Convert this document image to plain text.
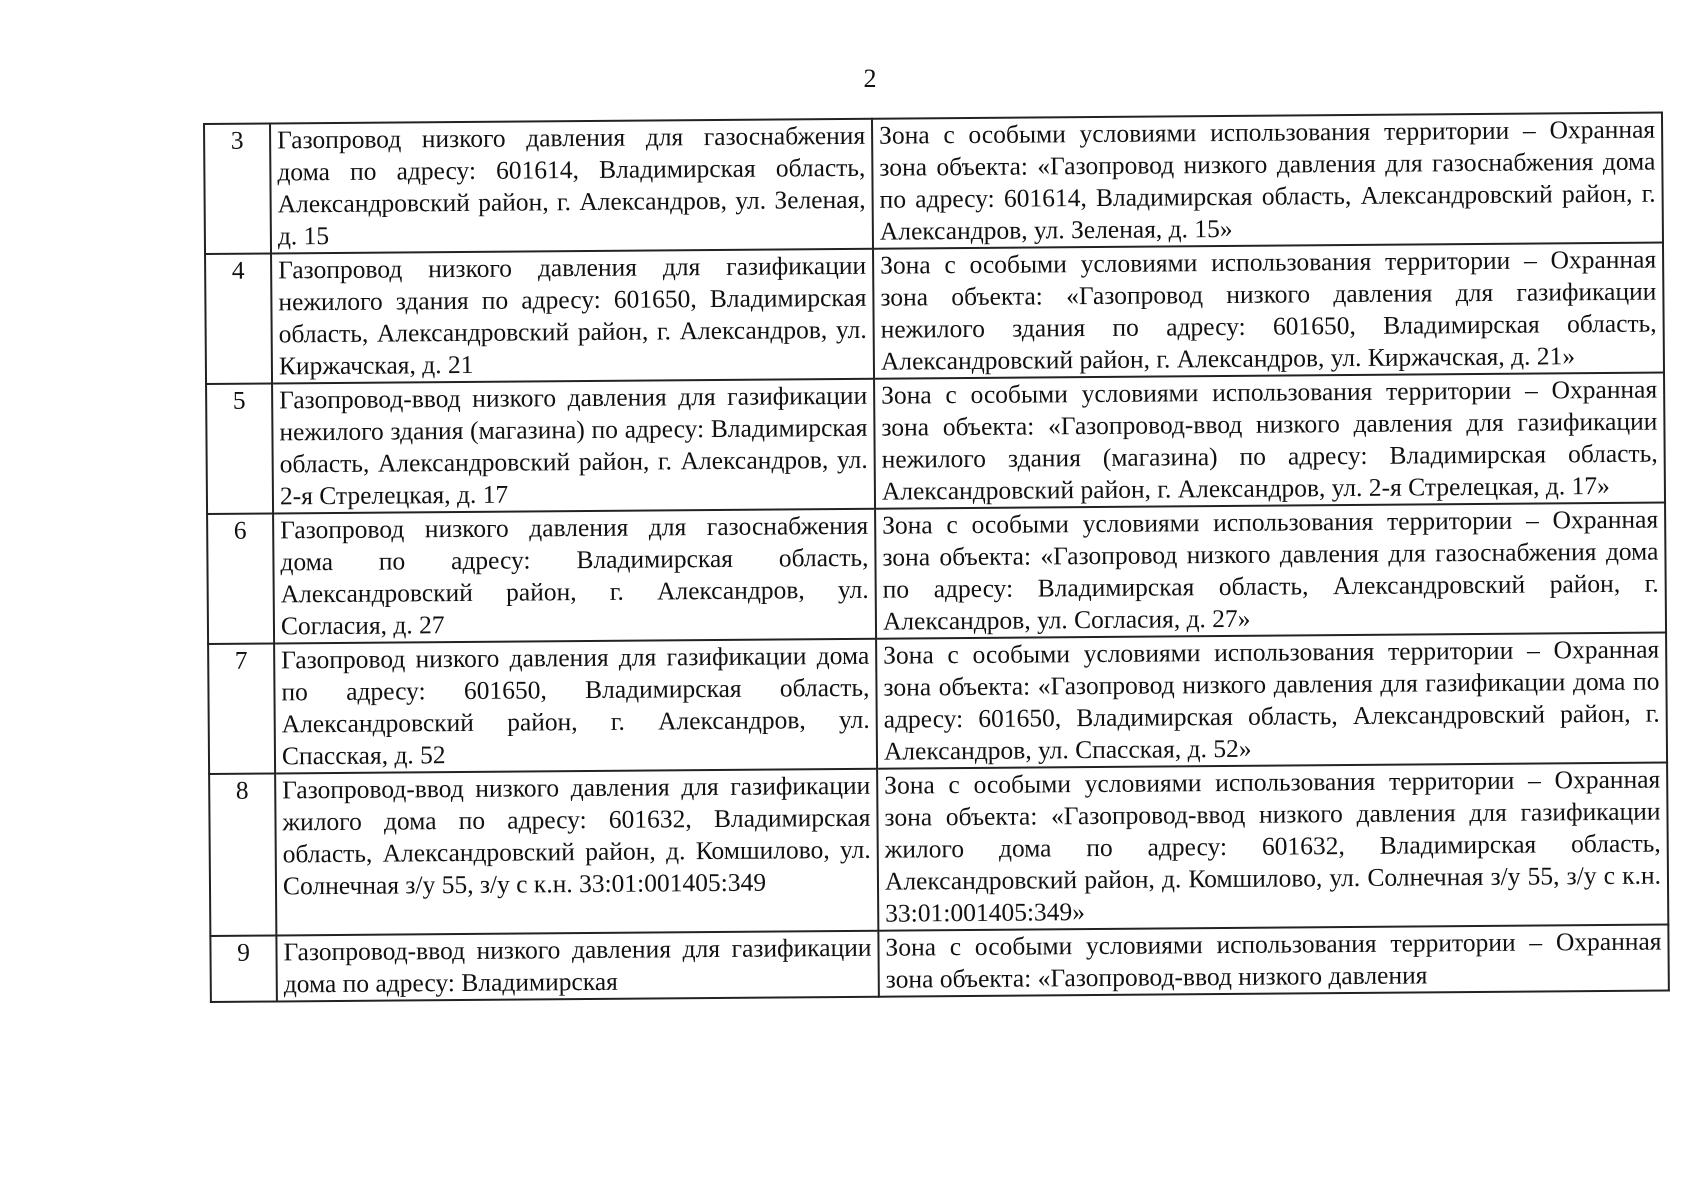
2
3	Газопровод низкого давления для газоснабжения дома по адресу: 601614, Владимирская область, Александровский район, г. Александров, ул. Зеленая, д. 15	Зона с особыми условиями использования территории – Охранная зона объекта: «Газопровод низкого давления для газоснабжения дома по адресу: 601614, Владимирская область, Александровский район, г. Александров, ул. Зеленая, д. 15»
4	Газопровод низкого давления для газификации нежилого здания по адресу: 601650, Владимирская область, Александровский район, г. Александров, ул. Киржачская, д. 21	Зона с особыми условиями использования территории – Охранная зона объекта: «Газопровод низкого давления для газификации нежилого здания по адресу: 601650, Владимирская область, Александровский район, г. Александров, ул. Киржачская, д. 21»
5	Газопровод-ввод низкого давления для газификации нежилого здания (магазина) по адресу: Владимирская область, Александровский район, г. Александров, ул. 2-я Стрелецкая, д. 17	Зона с особыми условиями использования территории – Охранная зона объекта: «Газопровод-ввод низкого давления для газификации нежилого здания (магазина) по адресу: Владимирская область, Александровский район, г. Александров, ул. 2-я Стрелецкая, д. 17»
6	Газопровод низкого давления для газоснабжения дома по адресу: Владимирская область, Александровский район, г. Александров, ул. Согласия, д. 27	Зона с особыми условиями использования территории – Охранная зона объекта: «Газопровод низкого давления для газоснабжения дома по адресу: Владимирская область, Александровский район, г. Александров, ул. Согласия, д. 27»
7	Газопровод низкого давления для газификации дома по адресу: 601650, Владимирская область, Александровский район, г. Александров, ул. Спасская, д. 52	Зона с особыми условиями использования территории – Охранная зона объекта: «Газопровод низкого давления для газификации дома по адресу: 601650, Владимирская область, Александровский район, г. Александров, ул. Спасская, д. 52»
8	Газопровод-ввод низкого давления для газификации жилого дома по адресу: 601632, Владимирская область, Александровский район, д. Комшилово, ул. Солнечная з/у 55, з/у с к.н. 33:01:001405:349	Зона с особыми условиями использования территории – Охранная зона объекта: «Газопровод-ввод низкого давления для газификации жилого дома по адресу: 601632, Владимирская область, Александровский район, д. Комшилово, ул. Солнечная з/у 55, з/у с к.н. 33:01:001405:349»
9	Газопровод-ввод низкого давления для газификации дома по адресу: Владимирская	Зона с особыми условиями использования территории – Охранная зона объекта: «Газопровод-ввод низкого давления
